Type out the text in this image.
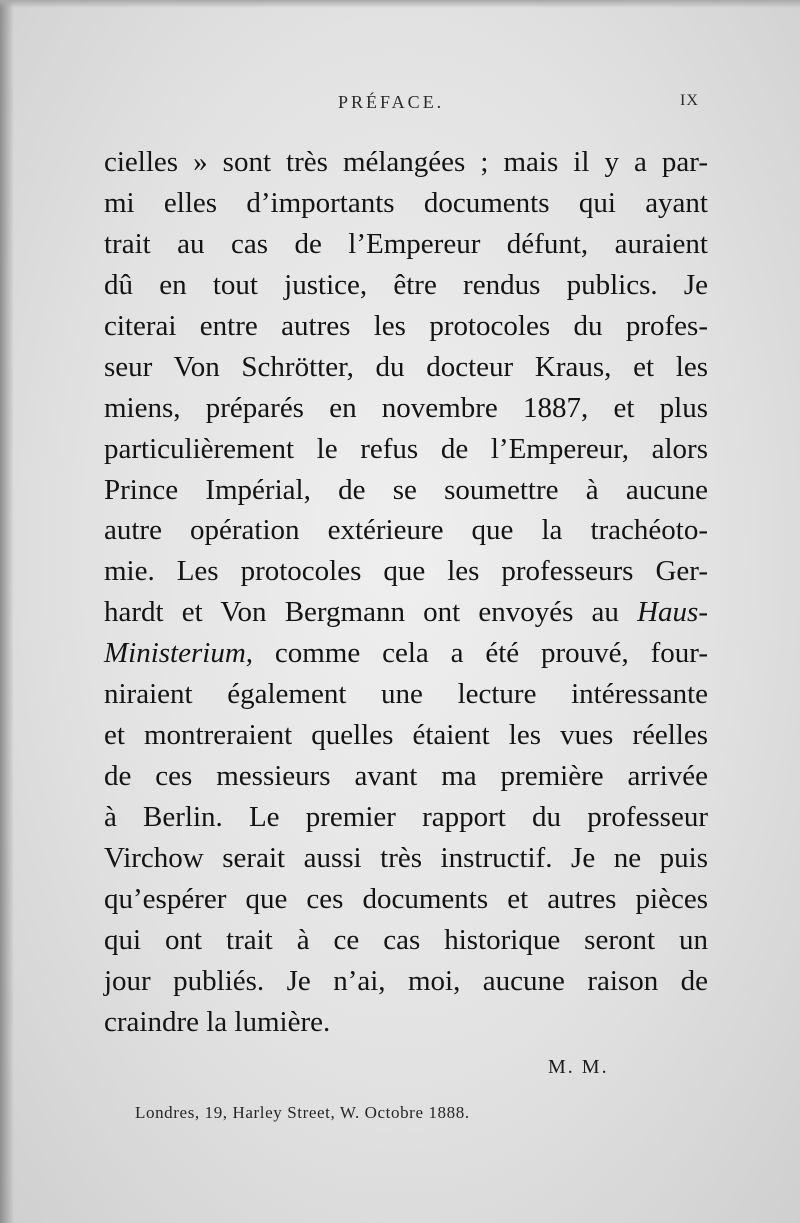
PRÉFACE.	IX
cielles » sont très mélangées ; mais il y a par-
mi elles d’importants documents qui ayant
trait au cas de l’Empereur défunt, auraient
dû en tout justice, être rendus publics. Je
citerai entre autres les protocoles du profes-
seur Von Schrötter, du docteur Kraus, et les
miens, préparés en novembre 1887, et plus
particulièrement le refus de l’Empereur, alors
Prince Impérial, de se soumettre à aucune
autre opération extérieure que la trachéoto-
mie. Les protocoles que les professeurs Ger-
hardt et Von Bergmann ont envoyés au Haus-
Ministerium, comme cela a été prouvé, four-
niraient également une lecture intéressante
et montreraient quelles étaient les vues réelles
de ces messieurs avant ma première arrivée
à Berlin. Le premier rapport du professeur
Virchow serait aussi très instructif. Je ne puis
qu’espérer que ces documents et autres pièces
qui ont trait à ce cas historique seront un
jour publiés. Je n’ai, moi, aucune raison de
craindre la lumière.
M. M.
Londres, 19, Harley Street, W. Octobre 1888.
